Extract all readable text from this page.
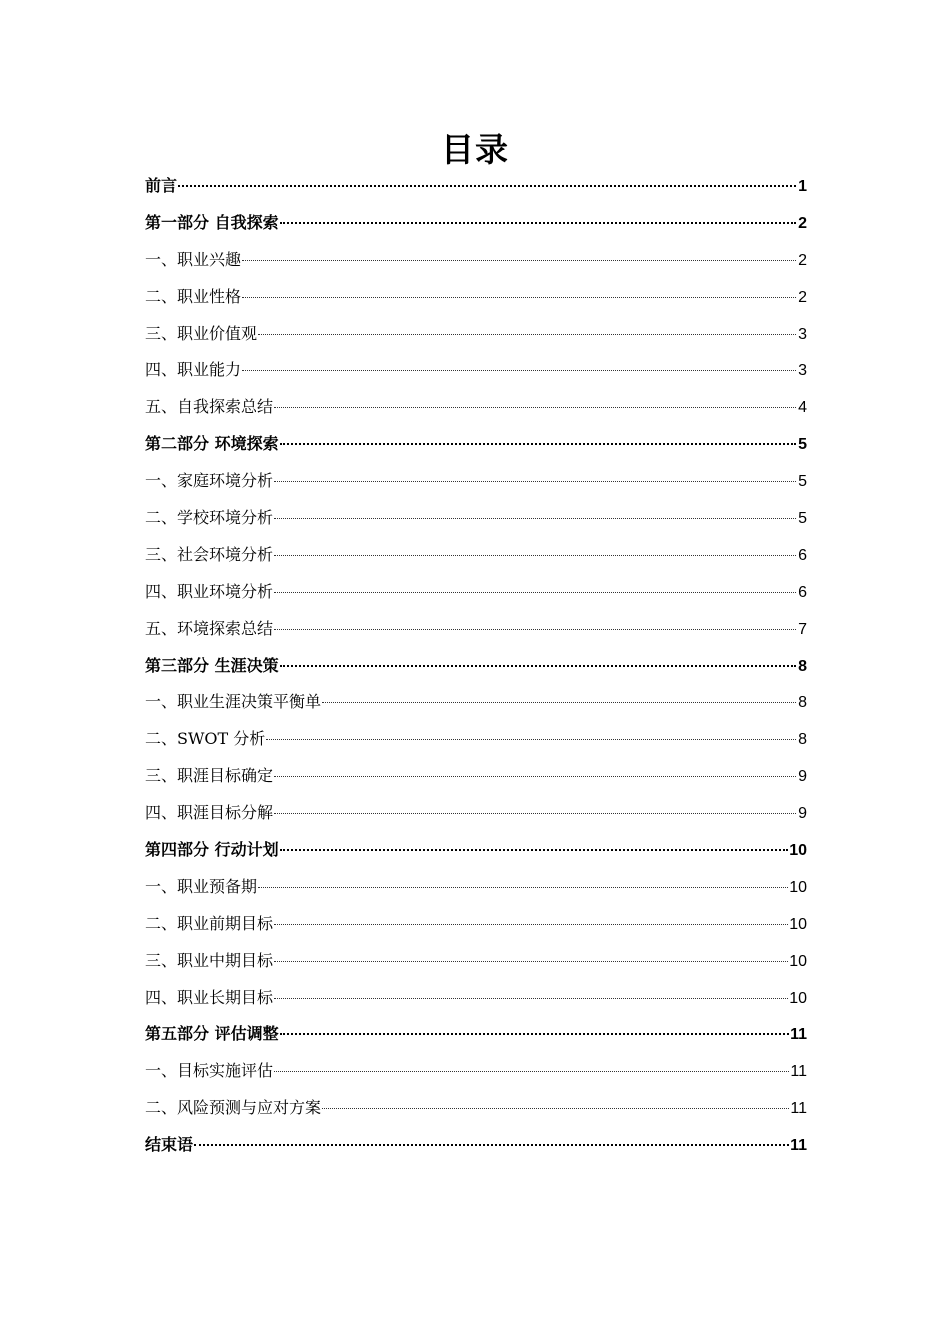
目录
前言	1
第一部分 自我探索	2
一、职业兴趣	2
二、职业性格	2
三、职业价值观	3
四、职业能力	3
五、自我探索总结	4
第二部分 环境探索	5
一、家庭环境分析	5
二、学校环境分析	5
三、社会环境分析	6
四、职业环境分析	6
五、环境探索总结	7
第三部分 生涯决策	8
一、职业生涯决策平衡单	8
二、SWOT 分析	8
三、职涯目标确定	9
四、职涯目标分解	9
第四部分 行动计划	10
一、职业预备期	10
二、职业前期目标	10
三、职业中期目标	10
四、职业长期目标	10
第五部分 评估调整	11
一、目标实施评估	11
二、风险预测与应对方案	11
结束语	11
